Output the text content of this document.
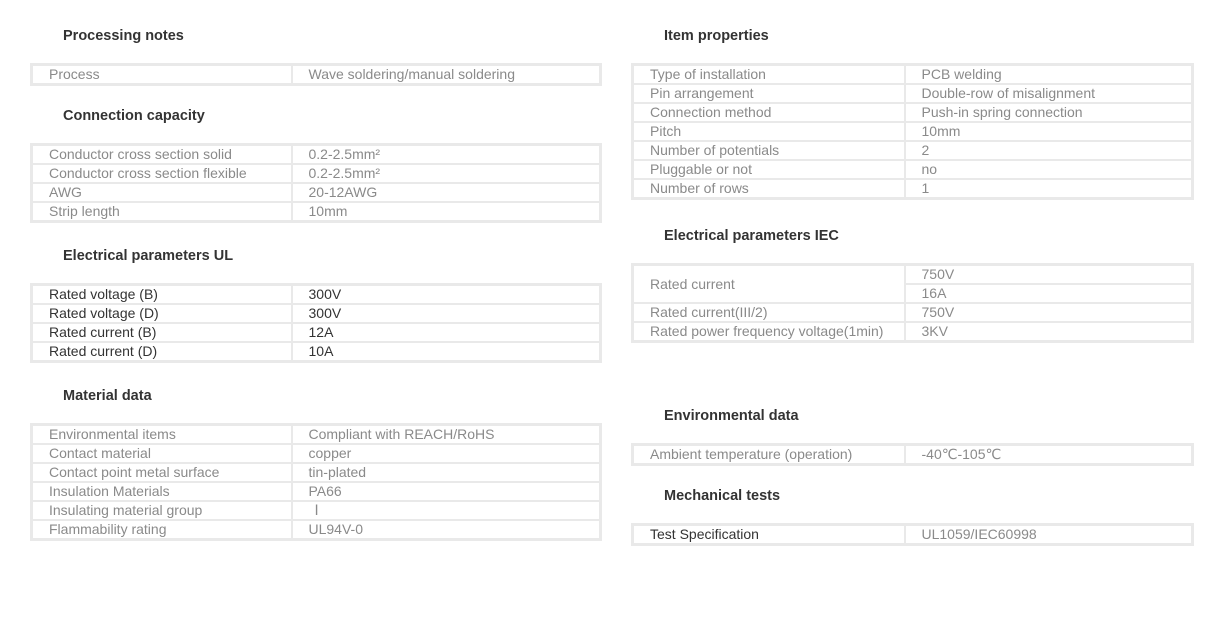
Processing notes
Process	Wave soldering/manual soldering
Connection capacity
Conductor cross section solid	0.2-2.5mm²
Conductor cross section flexible	0.2-2.5mm²
AWG	20-12AWG
Strip length	10mm
Electrical parameters UL
Rated voltage (B)	300V
Rated voltage (D)	300V
Rated current (B)	12A
Rated current (D)	10A
Material data
Environmental items	Compliant with REACH/RoHS
Contact material	copper
Contact point metal surface	tin-plated
Insulation Materials	PA66
Insulating material group	Ⅰ
Flammability rating	UL94V-0
Item properties
Type of installation	PCB welding
Pin arrangement	Double-row of misalignment
Connection method	Push-in spring connection
Pitch	10mm
Number of potentials	2
Pluggable or not	no
Number of rows	1
Electrical parameters IEC
Rated current	750V
	16A
Rated current(III/2)	750V
Rated power frequency voltage(1min)	3KV
Environmental data
Ambient temperature (operation)	-40℃-105℃
Mechanical tests
Test Specification	UL1059/IEC60998
